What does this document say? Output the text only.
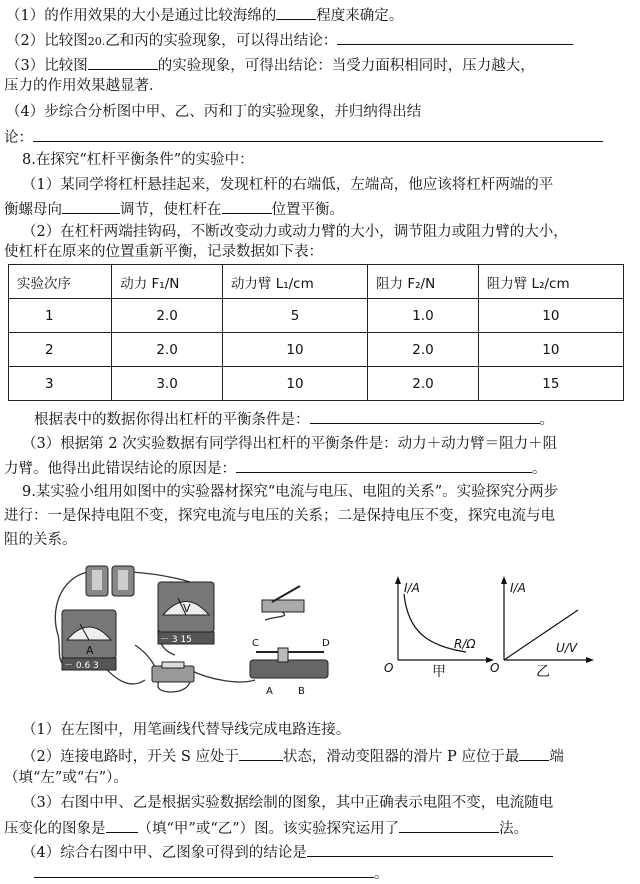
（1）的作用效果的大小是通过比较海绵的	程度来确定。
（2）比较图20.乙和丙的实验现象，可以得出结论：
（3）比较图	的实验现象，可得出结论：当受力面积相同时，压力越大，
压力的作用效果越显著．
（4）步综合分析图中甲、乙、丙和丁的实验现象，并归纳得出结
论：
8.在探究“杠杆平衡条件”的实验中：
（1）某同学将杠杆悬挂起来，发现杠杆的右端低，左端高，他应该将杠杆两端的平
衡螺母向	调节，使杠杆在	位置平衡。
（2）在杠杆两端挂钩码，不断改变动力或动力臂的大小，调节阻力或阻力臂的大小，
使杠杆在原来的位置重新平衡，记录数据如下表：
实验次序	动力 F₁/N	动力臂 L₁/cm	阻力 F₂/N	阻力臂 L₂/cm
1	2.0	5	1.0	10
2	2.0	10	2.0	10
3	3.0	10	2.0	15
根据表中的数据你得出杠杆的平衡条件是：	。
（3）根据第 2 次实验数据有同学得出杠杆的平衡条件是：动力＋动力臂＝阻力＋阻
力臂。他得出此错误结论的原因是：	。
9.某实验小组用如图中的实验器材探究“电流与电压、电阻的关系”。实验探究分两步
进行：一是保持电阻不变，探究电流与电压的关系；二是保持电压不变，探究电流与电
阻的关系。
A
－ 0.6 3
V
－ 3 15	C	D
A	B
I/A
R/Ω
O	甲
I/A
U/V
O	乙
（1）在左图中，用笔画线代替导线完成电路连接。
（2）连接电路时，开关 S 应处于	状态，滑动变阻器的滑片 P 应位于最 端
（填“左”或“右”）。
（3）右图中甲、乙是根据实验数据绘制的图象，其中正确表示电阻不变，电流随电
压变化的图象是 （填“甲”或“乙”）图。该实验探究运用了	法。
（4）综合右图中甲、乙图象可得到的结论是
。
